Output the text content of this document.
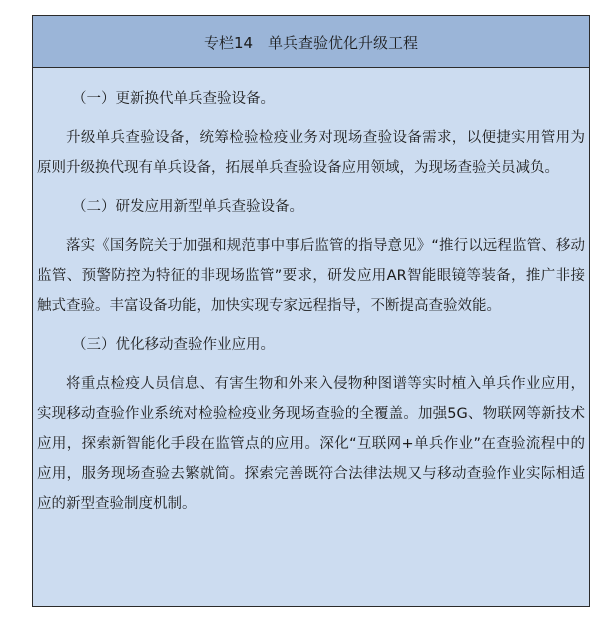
专栏14　单兵查验优化升级工程

（一）更新换代单兵查验设备。

升级单兵查验设备，统筹检验检疫业务对现场查验设备需求，以便捷实用管用为原则升级换代现有单兵设备，拓展单兵查验设备应用领域，为现场查验关员减负。

（二）研发应用新型单兵查验设备。

落实《国务院关于加强和规范事中事后监管的指导意见》“推行以远程监管、移动监管、预警防控为特征的非现场监管”要求，研发应用AR智能眼镜等装备，推广非接触式查验。丰富设备功能，加快实现专家远程指导，不断提高查验效能。

（三）优化移动查验作业应用。

将重点检疫人员信息、有害生物和外来入侵物种图谱等实时植入单兵作业应用，实现移动查验作业系统对检验检疫业务现场查验的全覆盖。加强5G、物联网等新技术应用，探索新智能化手段在监管点的应用。深化“互联网+单兵作业”在查验流程中的应用，服务现场查验去繁就简。探索完善既符合法律法规又与移动查验作业实际相适应的新型查验制度机制。
